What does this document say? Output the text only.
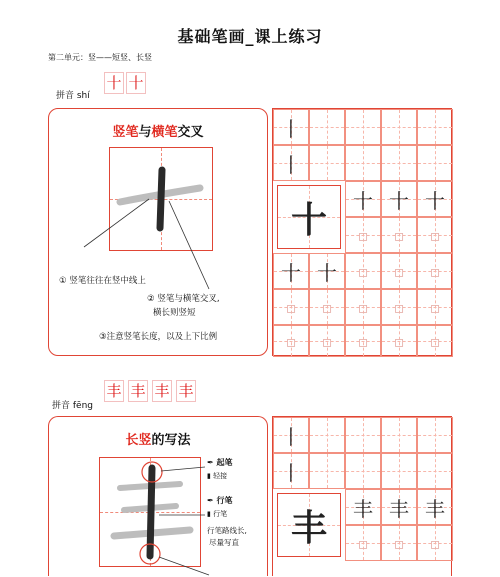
基础笔画_课上练习
第二单元：竖——短竖、长竖
拼音 shí
十 十
竖笔与横笔交叉
① 竖笔往往在竖中线上
② 竖笔与横笔交叉,
横长则竖短
③注意竖笔长度，以及上下比例
丨
丨
十	十 十 十
▫	▫	▫
十 十	▫	▫	▫
▫	▫	▫	▫	▫
▫	▫	▫	▫	▫
丰 丰 丰 丰
拼音 fēng
长竖的写法
✒ 起笔
▮ 轻接
✒ 行笔
▮ 行笔
行笔路线长,
尽量写直
丨
丨
丰	丰 丰 丰
▫	▫	▫
